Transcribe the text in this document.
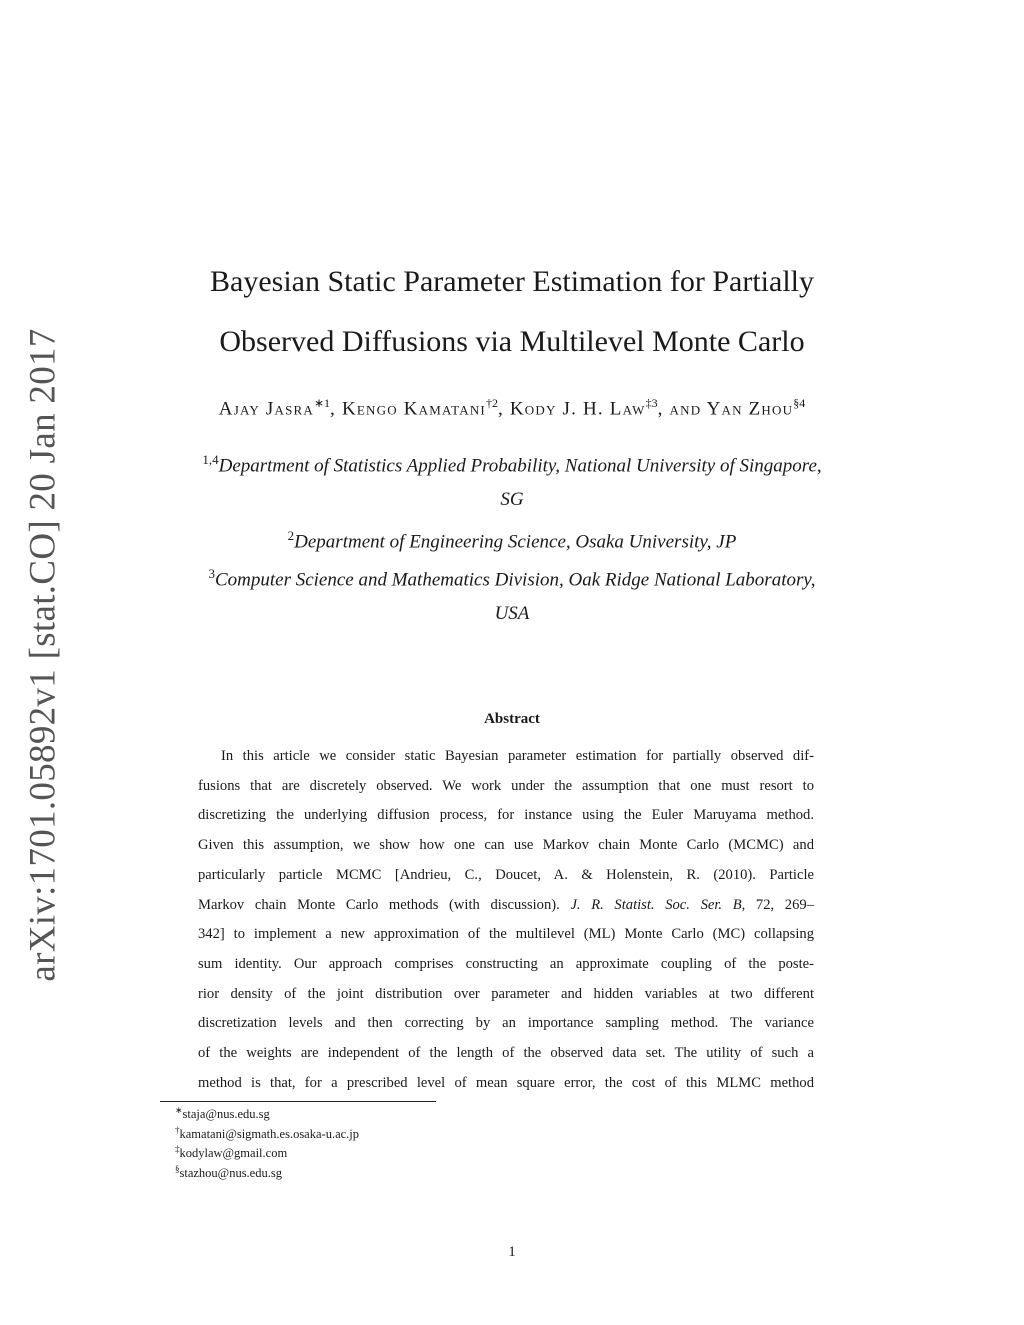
arXiv:1701.05892v1 [stat.CO] 20 Jan 2017
Bayesian Static Parameter Estimation for Partially
Observed Diffusions via Multilevel Monte Carlo
Ajay Jasra$^{∗1}$, Kengo Kamatani$^{\dagger 2}$, Kody J. H. Law$^{\ddagger 3}$, and Yan Zhou$^{\S 4}$
$^{1,4}$Department of Statistics Applied Probability, National University of Singapore,
SG
$^2$Department of Engineering Science, Osaka University, JP
$^3$Computer Science and Mathematics Division, Oak Ridge National Laboratory,
USA
Abstract
In this article we consider static Bayesian parameter estimation for partially observed dif-
fusions that are discretely observed. We work under the assumption that one must resort to
discretizing the underlying diffusion process, for instance using the Euler Maruyama method.
Given this assumption, we show how one can use Markov chain Monte Carlo (MCMC) and
particularly particle MCMC [Andrieu, C., Doucet, A. & Holenstein, R. (2010). Particle
Markov chain Monte Carlo methods (with discussion). J. R. Statist. Soc. Ser. B, 72, 269–
342] to implement a new approximation of the multilevel (ML) Monte Carlo (MC) collapsing
sum identity. Our approach comprises constructing an approximate coupling of the poste-
rior density of the joint distribution over parameter and hidden variables at two different
discretization levels and then correcting by an importance sampling method. The variance
of the weights are independent of the length of the observed data set. The utility of such a
method is that, for a prescribed level of mean square error, the cost of this MLMC method
∗staja@nus.edu.sg
†kamatani@sigmath.es.osaka-u.ac.jp
‡kodylaw@gmail.com
§stazhou@nus.edu.sg
1
